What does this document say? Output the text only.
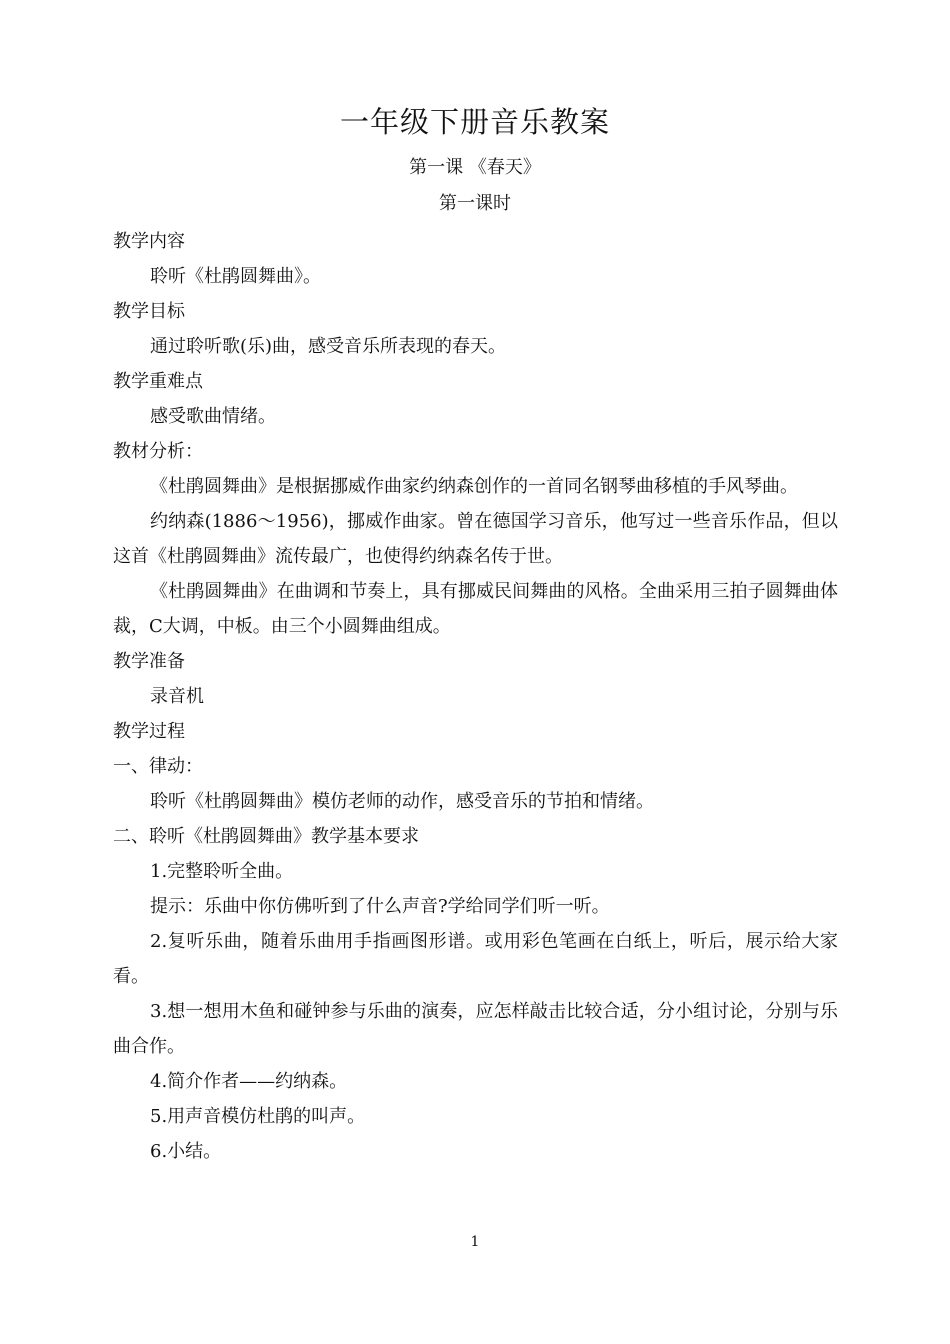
一年级下册音乐教案
第一课 《春天》
第一课时
教学内容
聆听《杜鹃圆舞曲》。
教学目标
通过聆听歌(乐)曲，感受音乐所表现的春天。
教学重难点
感受歌曲情绪。
教材分析：
《杜鹃圆舞曲》是根据挪威作曲家约纳森创作的一首同名钢琴曲移植的手风琴曲。
约纳森(1886～1956)，挪威作曲家。曾在德国学习音乐，他写过一些音乐作品，但以这首《杜鹃圆舞曲》流传最广，也使得约纳森名传于世。
《杜鹃圆舞曲》在曲调和节奏上，具有挪威民间舞曲的风格。全曲采用三拍子圆舞曲体裁，C大调，中板。由三个小圆舞曲组成。
教学准备
录音机
教学过程
一、律动：
聆听《杜鹃圆舞曲》模仿老师的动作，感受音乐的节拍和情绪。
二、聆听《杜鹃圆舞曲》教学基本要求
1.完整聆听全曲。
提示：乐曲中你仿佛听到了什么声音?学给同学们听一听。
2.复听乐曲，随着乐曲用手指画图形谱。或用彩色笔画在白纸上，听后，展示给大家看。
3.想一想用木鱼和碰钟参与乐曲的演奏，应怎样敲击比较合适，分小组讨论，分别与乐曲合作。
4.简介作者——约纳森。
5.用声音模仿杜鹃的叫声。
6.小结。
1
